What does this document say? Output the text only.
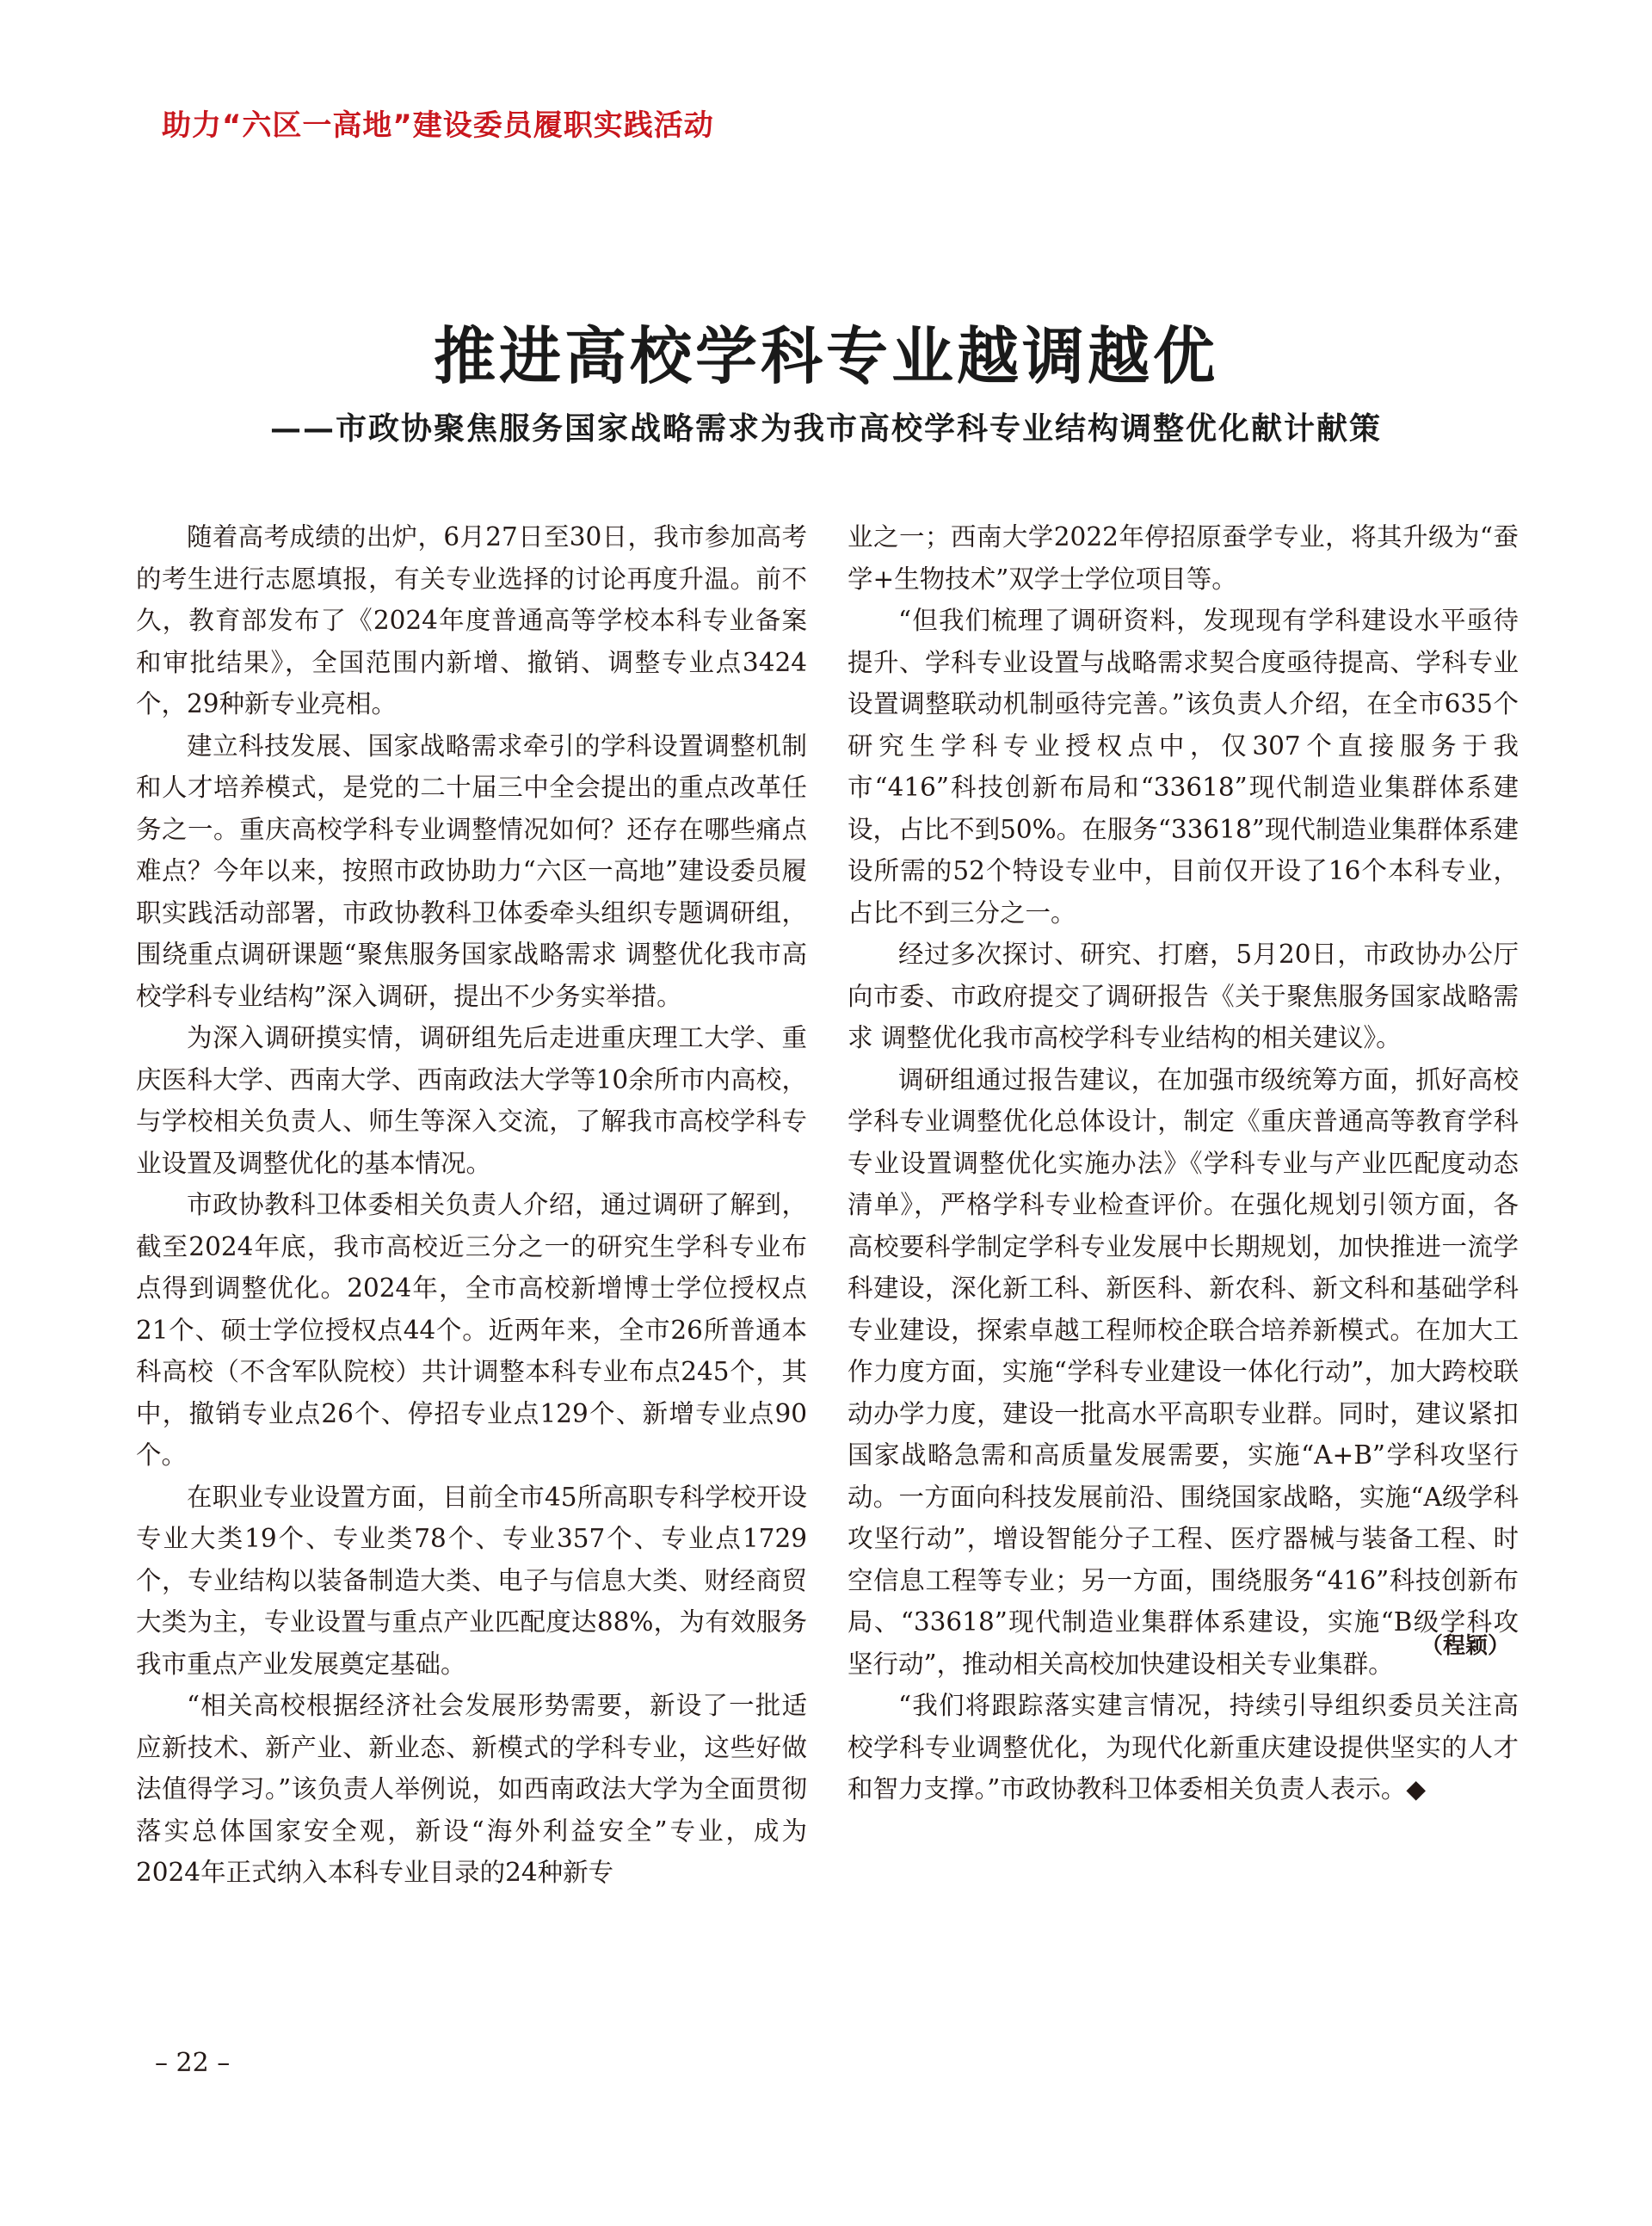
助力“六区一高地”建设委员履职实践活动
推进高校学科专业越调越优
——市政协聚焦服务国家战略需求为我市高校学科专业结构调整优化献计献策

随着高考成绩的出炉，6月27日至30日，我市参加高考的考生进行志愿填报，有关专业选择的讨论再度升温。前不久，教育部发布了《2024年度普通高等学校本科专业备案和审批结果》，全国范围内新增、撤销、调整专业点3424个，29种新专业亮相。

建立科技发展、国家战略需求牵引的学科设置调整机制和人才培养模式，是党的二十届三中全会提出的重点改革任务之一。重庆高校学科专业调整情况如何？还存在哪些痛点难点？今年以来，按照市政协助力“六区一高地”建设委员履职实践活动部署，市政协教科卫体委牵头组织专题调研组，围绕重点调研课题“聚焦服务国家战略需求 调整优化我市高校学科专业结构”深入调研，提出不少务实举措。

为深入调研摸实情，调研组先后走进重庆理工大学、重庆医科大学、西南大学、西南政法大学等10余所市内高校，与学校相关负责人、师生等深入交流，了解我市高校学科专业设置及调整优化的基本情况。

市政协教科卫体委相关负责人介绍，通过调研了解到，截至2024年底，我市高校近三分之一的研究生学科专业布点得到调整优化。2024年，全市高校新增博士学位授权点21个、硕士学位授权点44个。近两年来，全市26所普通本科高校（不含军队院校）共计调整本科专业布点245个，其中，撤销专业点26个、停招专业点129个、新增专业点90个。

在职业专业设置方面，目前全市45所高职专科学校开设专业大类19个、专业类78个、专业357个、专业点1729个，专业结构以装备制造大类、电子与信息大类、财经商贸大类为主，专业设置与重点产业匹配度达88%，为有效服务我市重点产业发展奠定基础。

“相关高校根据经济社会发展形势需要，新设了一批适应新技术、新产业、新业态、新模式的学科专业，这些好做法值得学习。”该负责人举例说，如西南政法大学为全面贯彻落实总体国家安全观，新设“海外利益安全”专业，成为2024年正式纳入本科专业目录的24种新专

业之一；西南大学2022年停招原蚕学专业，将其升级为“蚕学+生物技术”双学士学位项目等。

“但我们梳理了调研资料，发现现有学科建设水平亟待提升、学科专业设置与战略需求契合度亟待提高、学科专业设置调整联动机制亟待完善。”该负责人介绍，在全市635个研究生学科专业授权点中，仅307个直接服务于我市“416”科技创新布局和“33618”现代制造业集群体系建设，占比不到50%。在服务“33618”现代制造业集群体系建设所需的52个特设专业中，目前仅开设了16个本科专业，占比不到三分之一。

经过多次探讨、研究、打磨，5月20日，市政协办公厅向市委、市政府提交了调研报告《关于聚焦服务国家战略需求 调整优化我市高校学科专业结构的相关建议》。

调研组通过报告建议，在加强市级统筹方面，抓好高校学科专业调整优化总体设计，制定《重庆普通高等教育学科专业设置调整优化实施办法》《学科专业与产业匹配度动态清单》，严格学科专业检查评价。在强化规划引领方面，各高校要科学制定学科专业发展中长期规划，加快推进一流学科建设，深化新工科、新医科、新农科、新文科和基础学科专业建设，探索卓越工程师校企联合培养新模式。在加大工作力度方面，实施“学科专业建设一体化行动”，加大跨校联动办学力度，建设一批高水平高职专业群。同时，建议紧扣国家战略急需和高质量发展需要，实施“A+B”学科攻坚行动。一方面向科技发展前沿、围绕国家战略，实施“A级学科攻坚行动”，增设智能分子工程、医疗器械与装备工程、时空信息工程等专业；另一方面，围绕服务“416”科技创新布局、“33618”现代制造业集群体系建设，实施“B级学科攻坚行动”，推动相关高校加快建设相关专业集群。

“我们将跟踪落实建言情况，持续引导组织委员关注高校学科专业调整优化，为现代化新重庆建设提供坚实的人才和智力支撑。”市政协教科卫体委相关负责人表示。◆

（程颖）
– 22 –
